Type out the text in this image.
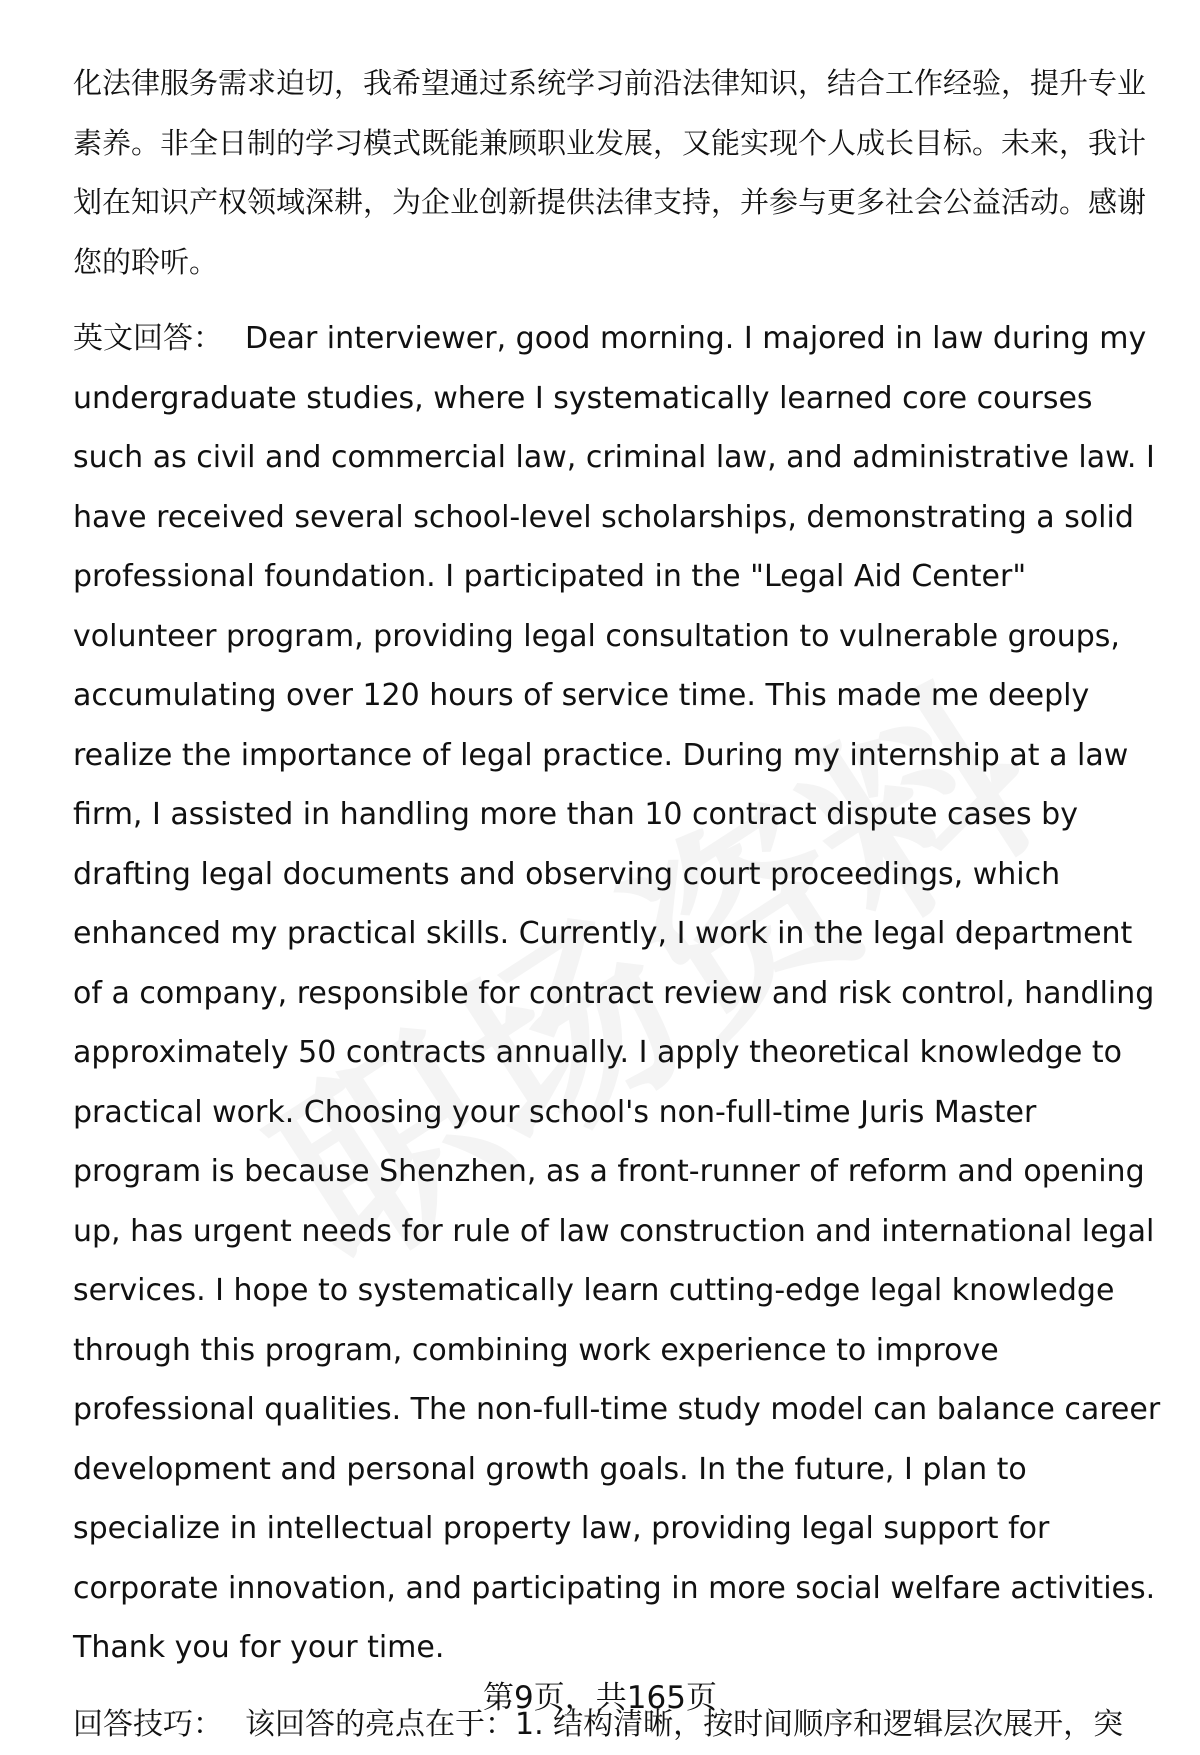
化法律服务需求迫切，我希望通过系统学习前沿法律知识，结合工作经验，提升专业素养。非全日制的学习模式既能兼顾职业发展，又能实现个人成长目标。未来，我计划在知识产权领域深耕，为企业创新提供法律支持，并参与更多社会公益活动。感谢您的聆听。

英文回答： Dear interviewer, good morning. I majored in law during my undergraduate studies, where I systematically learned core courses such as civil and commercial law, criminal law, and administrative law. I have received several school-level scholarships, demonstrating a solid professional foundation. I participated in the "Legal Aid Center" volunteer program, providing legal consultation to vulnerable groups, accumulating over 120 hours of service time. This made me deeply realize the importance of legal practice. During my internship at a law firm, I assisted in handling more than 10 contract dispute cases by drafting legal documents and observing court proceedings, which enhanced my practical skills. Currently, I work in the legal department of a company, responsible for contract review and risk control, handling approximately 50 contracts annually. I apply theoretical knowledge to practical work. Choosing your school's non-full-time Juris Master program is because Shenzhen, as a front-runner of reform and opening up, has urgent needs for rule of law construction and international legal services. I hope to systematically learn cutting-edge legal knowledge through this program, combining work experience to improve professional qualities. The non-full-time study model can balance career development and personal growth goals. In the future, I plan to specialize in intellectual property law, providing legal support for corporate innovation, and participating in more social welfare activities. Thank you for your time.

回答技巧： 该回答的亮点在于：1. 结构清晰，按时间顺序和逻辑层次展开，突

第9页，共165页
